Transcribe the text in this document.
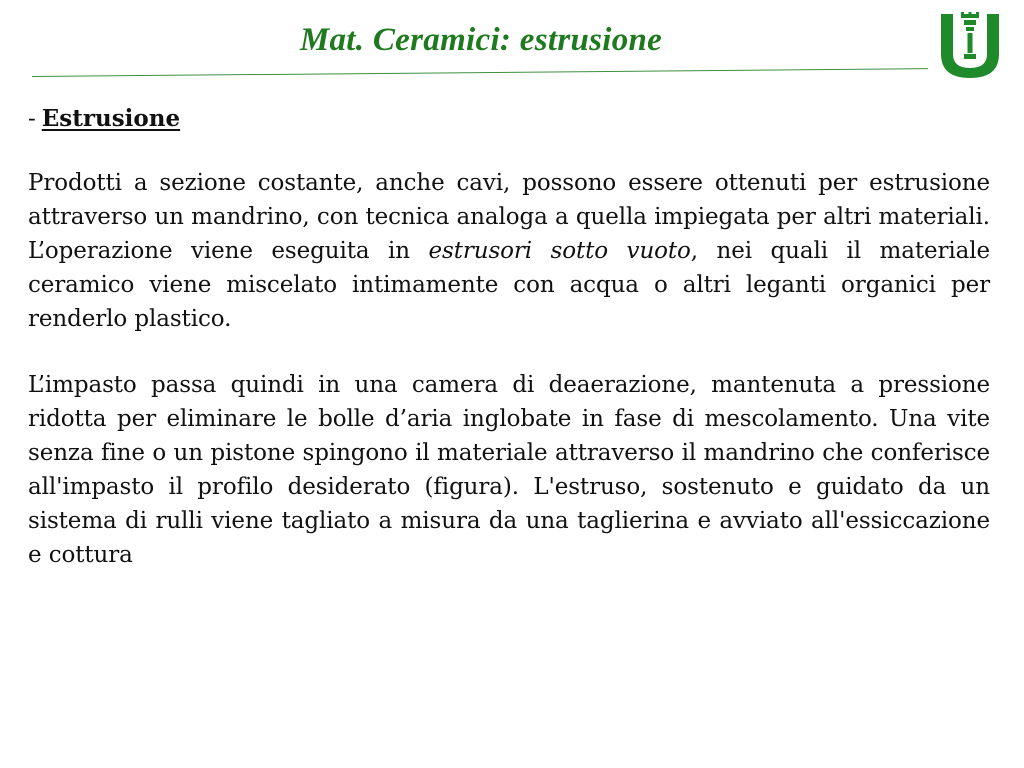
Mat. Ceramici: estrusione

- Estrusione

Prodotti a sezione costante, anche cavi, possono essere ottenuti per estrusione attraverso un mandrino, con tecnica analoga a quella impiegata per altri materiali. L’operazione viene eseguita in estrusori sotto vuoto, nei quali il materiale ceramico viene miscelato intimamente con acqua o altri leganti organici per renderlo plastico.

L’impasto passa quindi in una camera di deaerazione, mantenuta a pressione ridotta per eliminare le bolle d’aria inglobate in fase di mescolamento. Una vite senza fine o un pistone spingono il materiale attraverso il mandrino che conferisce all'impasto il profilo desiderato (figura). L'estruso, sostenuto e guidato da un sistema di rulli viene tagliato a misura da una taglierina e avviato all'essiccazione e cottura
